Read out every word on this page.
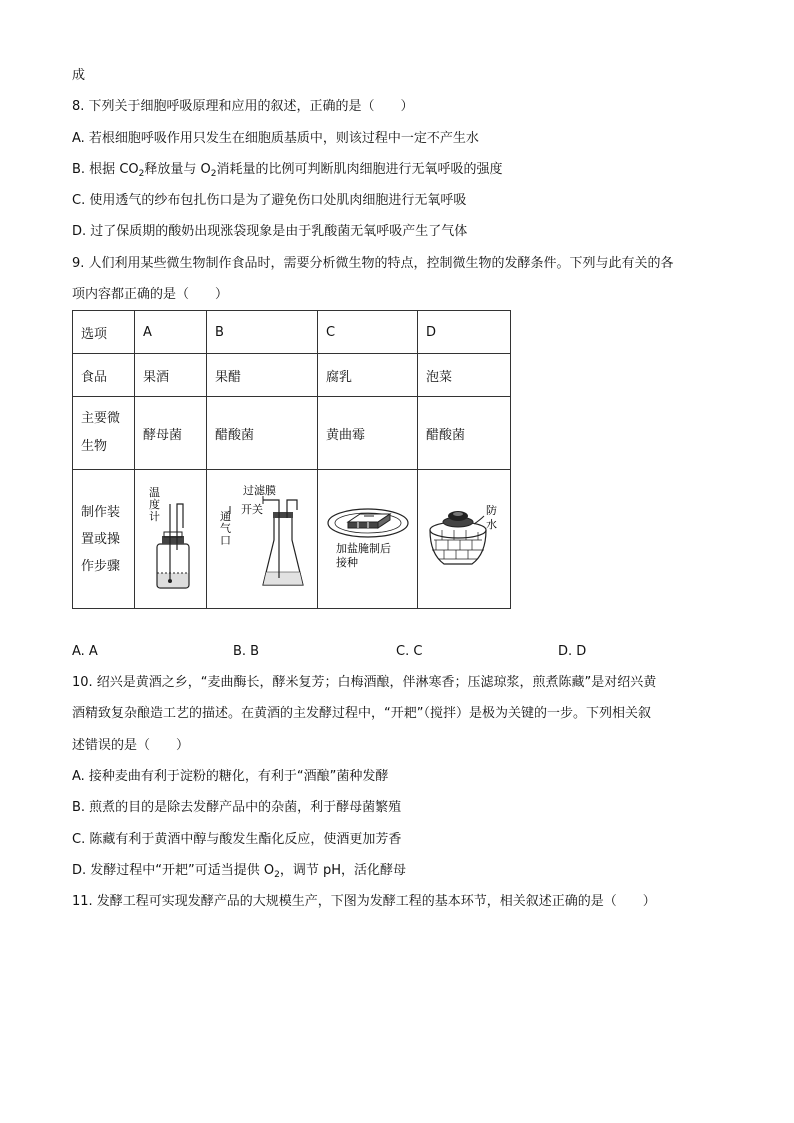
成
8. 下列关于细胞呼吸原理和应用的叙述，正确的是（　　）
A. 若根细胞呼吸作用只发生在细胞质基质中，则该过程中一定不产生水
B. 根据 $CO_2$释放量与 $O_2$消耗量的比例可判断肌肉细胞进行无氧呼吸的强度
C. 使用透气的纱布包扎伤口是为了避免伤口处肌肉细胞进行无氧呼吸
D. 过了保质期的酸奶出现涨袋现象是由于乳酸菌无氧呼吸产生了气体
9. 人们利用某些微生物制作食品时，需要分析微生物的特点，控制微生物的发酵条件。下列与此有关的各
项内容都正确的是（　　）
选项	A	B	C	D
食品	果酒	果醋	腐乳	泡菜
主要微
生物	酵母菌	醋酸菌	黄曲霉	醋酸菌
制作装
置或操
作步骤	温
度
计	过滤膜
开关
通
气
口	加盐腌制后
接种	防
水
A. A	B. B	C. C	D. D
10. 绍兴是黄酒之乡，“麦曲酶长，酵米复芳；白梅酒酿，伴淋寒香；压滤琼浆，煎煮陈藏”是对绍兴黄
酒精致复杂酿造工艺的描述。在黄酒的主发酵过程中，“开耙”（搅拌）是极为关键的一步。下列相关叙
述错误的是（　　）
A. 接种麦曲有利于淀粉的糖化，有利于“酒酿”菌种发酵
B. 煎煮的目的是除去发酵产品中的杂菌，利于酵母菌繁殖
C. 陈藏有利于黄酒中醇与酸发生酯化反应，使酒更加芳香
D. 发酵过程中“开耙”可适当提供 $O_2$，调节 pH，活化酵母
11. 发酵工程可实现发酵产品的大规模生产，下图为发酵工程的基本环节，相关叙述正确的是（　　）
